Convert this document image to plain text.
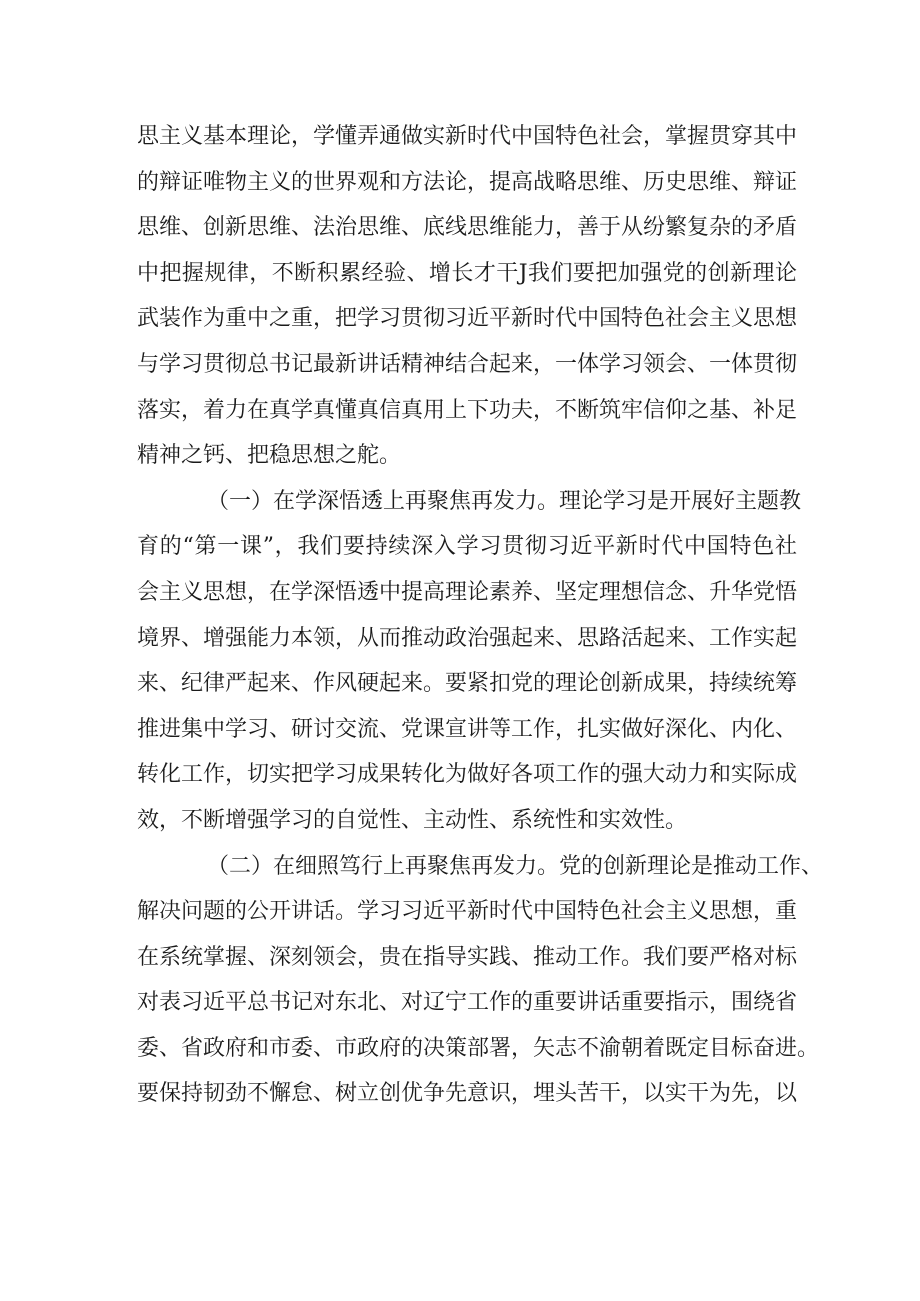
思主义基本理论，学懂弄通做实新时代中国特色社会，掌握贯穿其中
的辩证唯物主义的世界观和方法论，提高战略思维、历史思维、辩证
思维、创新思维、法治思维、底线思维能力，善于从纷繁复杂的矛盾
中把握规律，不断积累经验、增长才干J我们要把加强党的创新理论
武装作为重中之重，把学习贯彻习近平新时代中国特色社会主义思想
与学习贯彻总书记最新讲话精神结合起来，一体学习领会、一体贯彻
落实，着力在真学真懂真信真用上下功夫，不断筑牢信仰之基、补足
精神之钙、把稳思想之舵。
（一）在学深悟透上再聚焦再发力。理论学习是开展好主题教
育的“第一课”，我们要持续深入学习贯彻习近平新时代中国特色社
会主义思想，在学深悟透中提高理论素养、坚定理想信念、升华党悟
境界、增强能力本领，从而推动政治强起来、思路活起来、工作实起
来、纪律严起来、作风硬起来。要紧扣党的理论创新成果，持续统筹
推进集中学习、研讨交流、党课宣讲等工作，扎实做好深化、内化、
转化工作，切实把学习成果转化为做好各项工作的强大动力和实际成
效，不断增强学习的自觉性、主动性、系统性和实效性。
（二）在细照笃行上再聚焦再发力。党的创新理论是推动工作、
解决问题的公开讲话。学习习近平新时代中国特色社会主义思想，重
在系统掌握、深刻领会，贵在指导实践、推动工作。我们要严格对标
对表习近平总书记对东北、对辽宁工作的重要讲话重要指示，围绕省
委、省政府和市委、市政府的决策部署，矢志不渝朝着既定目标奋进。
要保持韧劲不懈怠、树立创优争先意识，埋头苦干，以实干为先，以
